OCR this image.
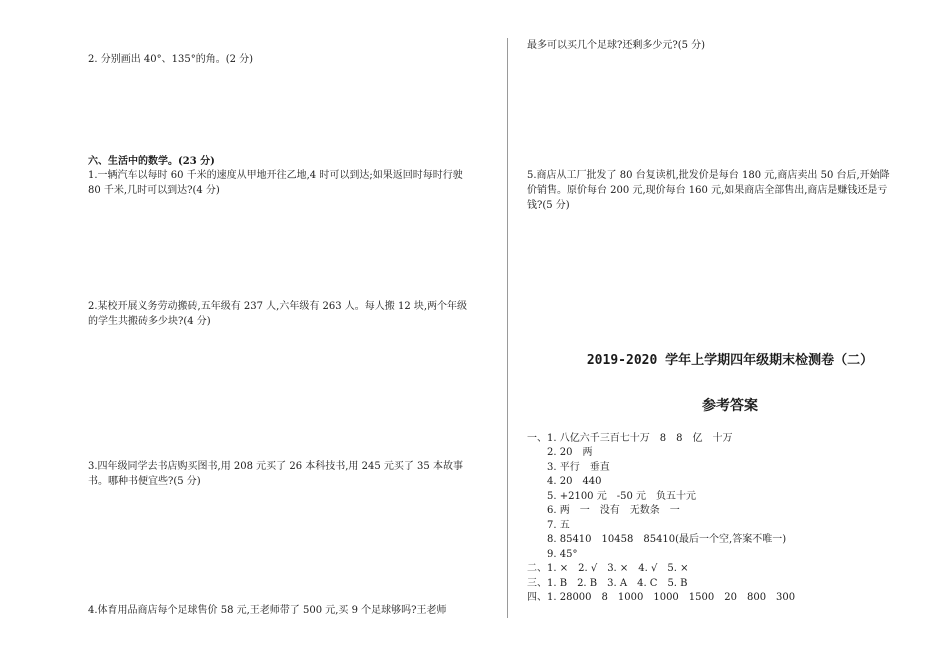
2. 分别画出 40°、135°的角。(2 分)
六、生活中的数学。(23 分)
1.一辆汽车以每时 60 千米的速度从甲地开往乙地,4 时可以到达;如果返回时每时行驶
80 千米,几时可以到达?(4 分)
2.某校开展义务劳动搬砖,五年级有 237 人,六年级有 263 人。每人搬 12 块,两个年级
的学生共搬砖多少块?(4 分)
3.四年级同学去书店购买图书,用 208 元买了 26 本科技书,用 245 元买了 35 本故事
书。哪种书便宜些?(5 分)
4.体育用品商店每个足球售价 58 元,王老师带了 500 元,买 9 个足球够吗?王老师
最多可以买几个足球?还剩多少元?(5 分)
5.商店从工厂批发了 80 台复读机,批发价是每台 180 元,商店卖出 50 台后,开始降
价销售。原价每台 200 元,现价每台 160 元,如果商店全部售出,商店是赚钱还是亏
钱?(5 分)
2019-2020 学年上学期四年级期末检测卷（二）
参考答案
一、1. 八亿六千三百七十万　8　8　亿　十万
　　2. 20　两
　　3. 平行　垂直
　　4. 20　440
　　5. +2100 元　-50 元　负五十元
　　6. 两　一　没有　无数条　一
　　7. 五
　　8. 85410　10458　85410(最后一个空,答案不唯一)
　　9. 45°
二、1. ×　2. √　3. ×　4. √　5. ×
三、1. B　2. B　3. A　4. C　5. B
四、1. 28000　8　1000　1000　1500　20　800　300
